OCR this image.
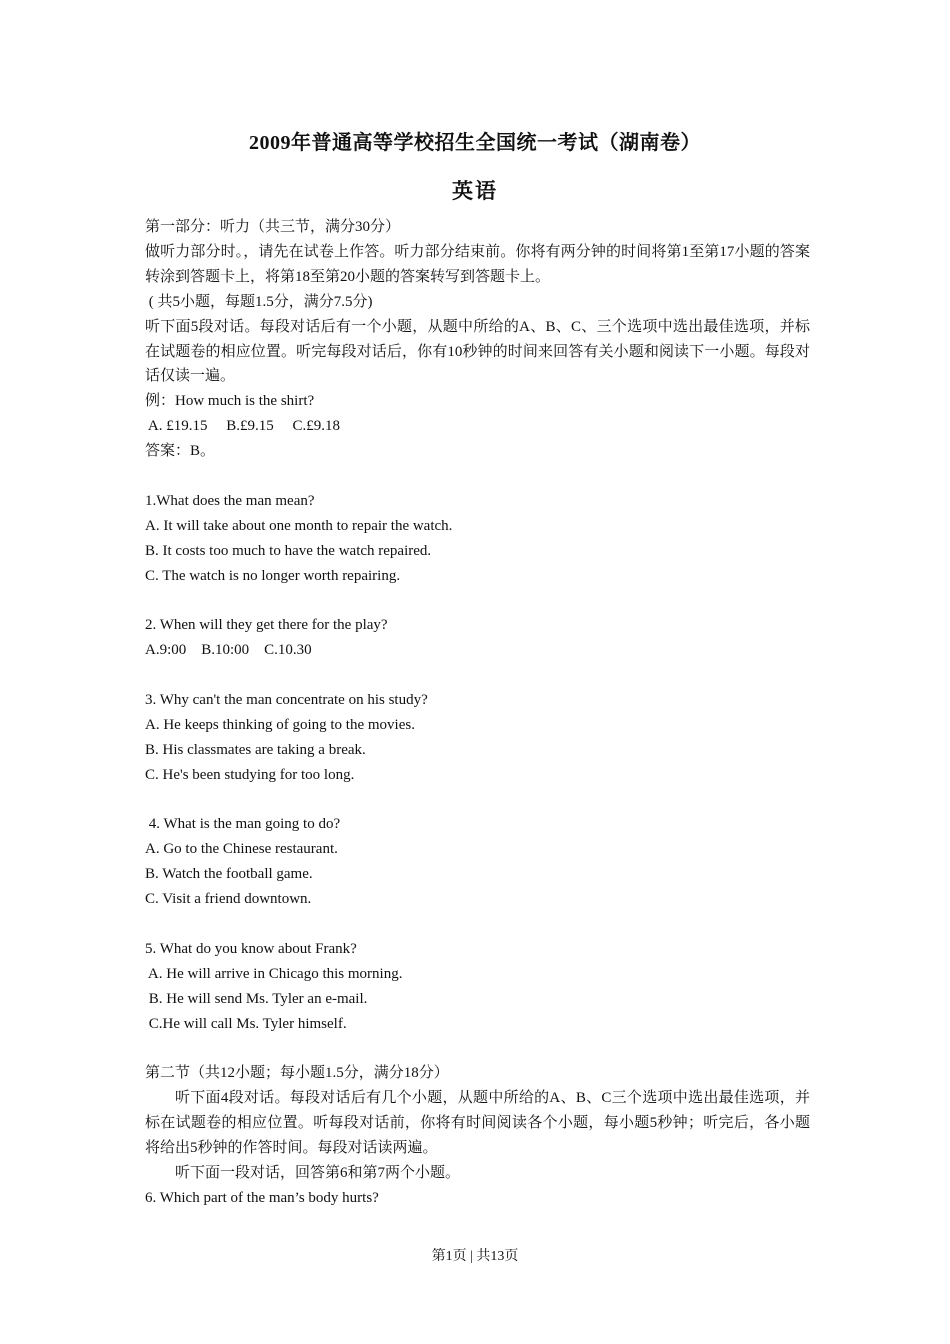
2009年普通高等学校招生全国统一考试（湖南卷）
英语
第一部分：听力（共三节，满分30分）
做听力部分时。，请先在试卷上作答。听力部分结束前。你将有两分钟的时间将第1至第17小题的答案转涂到答题卡上，将第18至第20小题的答案转写到答题卡上。
( 共5小题，每题1.5分，满分7.5分)
听下面5段对话。每段对话后有一个小题，从题中所给的A、B、C、三个选项中选出最佳选项，并标在试题卷的相应位置。听完每段对话后，你有10秒钟的时间来回答有关小题和阅读下一小题。每段对话仅读一遍。
例：How much is the shirt?
A. £19.15     B.£9.15     C.£9.18
答案：B。
1.What does the man mean?
A. It will take about one month to repair the watch.
B. It costs too much to have the watch repaired.
C. The watch is no longer worth repairing.
2. When will they get there for the play?
A.9:00    B.10:00    C.10.30
3. Why can't the man concentrate on his study?
A. He keeps thinking of going to the movies.
B. His classmates are taking a break.
C. He's been studying for too long.
4. What is the man going to do?
A. Go to the Chinese restaurant.
B. Watch the football game.
C. Visit a friend downtown.
5. What do you know about Frank?
A. He will arrive in Chicago this morning.
B. He will send Ms. Tyler an e-mail.
C.He will call Ms. Tyler himself.
第二节（共12小题；每小题1.5分，满分18分）
听下面4段对话。每段对话后有几个小题，从题中所给的A、B、C三个选项中选出最佳选项，并标在试题卷的相应位置。听每段对话前，你将有时间阅读各个小题，每小题5秒钟；听完后，各小题将给出5秒钟的作答时间。每段对话读两遍。
听下面一段对话，回答第6和第7两个小题。
6. Which part of the man’s body hurts?
第1页 | 共13页
